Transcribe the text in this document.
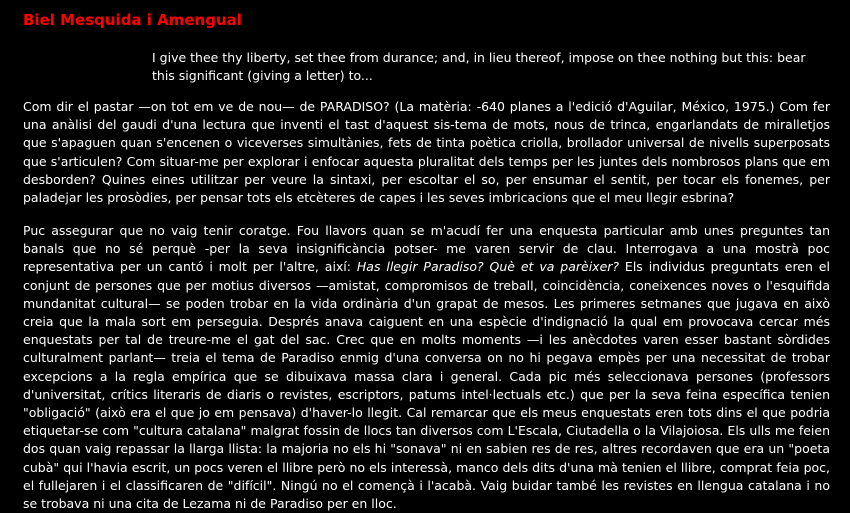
Biel Mesquida i Amengual

I give thee thy liberty, set thee from durance; and, in lieu thereof, impose on thee nothing but this: bear this significant (giving a letter) to...

Com dir el pastar —on tot em ve de nou— de PARADISO? (La matèria: -640 planes a l'edició d'Aguilar, México, 1975.) Com fer una anàlisi del gaudi d'una lectura que inventi el tast d'aquest sis-tema de mots, nous de trinca, engarlandats de miralletjos que s'apaguen quan s'encenen o viceverses simultànies, fets de tinta poètica criolla, brollador universal de nivells superposats que s'articulen? Com situar-me per explorar i enfocar aquesta pluralitat dels temps per les juntes dels nombrosos plans que em desborden? Quines eines utilitzar per veure la sintaxi, per escoltar el so, per ensumar el sentit, per tocar els fonemes, per paladejar les prosòdies, per pensar tots els etcèteres de capes i les seves imbricacions que el meu llegir esbrina?

Puc assegurar que no vaig tenir coratge. Fou llavors quan se m'acudí fer una enquesta particular amb unes preguntes tan banals que no sé perquè -per la seva insignificància potser- me varen servir de clau. Interrogava a una mostrà poc representativa per un cantó i molt per l'altre, així: Has llegir Paradiso? Què et va parèixer? Els individus preguntats eren el conjunt de persones que per motius diversos —amistat, compromisos de treball, coincidència, coneixences noves o l'esquifida mundanitat cultural— se poden trobar en la vida ordinària d'un grapat de mesos. Les primeres setmanes que jugava en això creia que la mala sort em perseguia. Després anava caiguent en una espècie d'indignació la qual em provocava cercar més enquestats per tal de treure-me el gat del sac. Crec que en molts moments —i les anècdotes varen esser bastant sòrdides culturalment parlant— treia el tema de Paradiso enmig d'una conversa on no hi pegava empès per una necessitat de trobar excepcions a la regla empírica que se dibuixava massa clara i general. Cada pic més seleccionava persones (professors d'universitat, crítics literaris de diaris o revistes, escriptors, patums intel·lectuals etc.) que per la seva feina específica tenien "obligació" (això era el que jo em pensava) d'haver-lo llegit. Cal remarcar que els meus enquestats eren tots dins el que podria etiquetar-se com "cultura catalana" malgrat fossin de llocs tan diversos com L'Escala, Ciutadella o la Vilajoiosa. Els ulls me feien dos quan vaig repassar la llarga llista: la majoria no els hi "sonava" ni en sabien res de res, altres recordaven que era un "poeta cubà" qui l'havia escrit, un pocs veren el llibre però no els interessà, manco dels dits d'una mà tenien el llibre, comprat feia poc, el fullejaren i el classificaren de "difícil". Ningú no el començà i l'acabà. Vaig buidar també les revistes en llengua catalana i no se trobava ni una cita de Lezama ni de Paradiso per en lloc.
